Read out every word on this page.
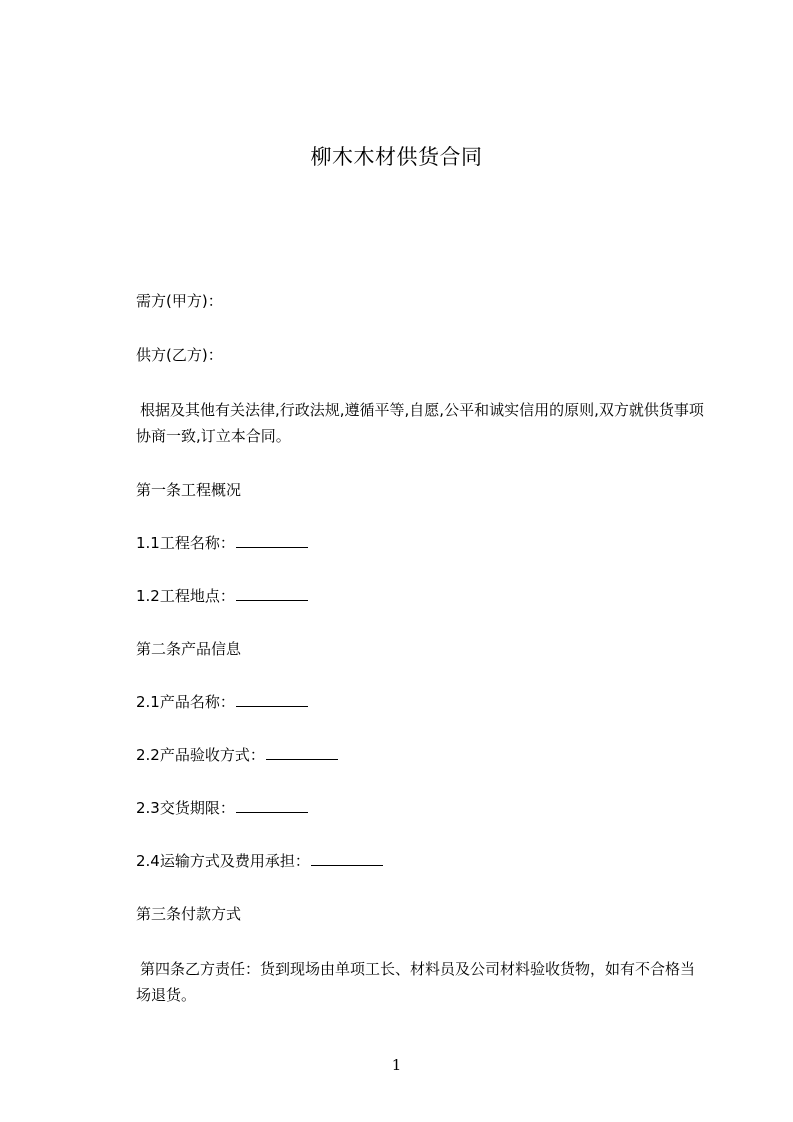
柳木木材供货合同
需方(甲方)：
供方(乙方)：
根据及其他有关法律,行政法规,遵循平等,自愿,公平和诚实信用的原则,双方就供货事项协商一致,订立本合同。
第一条工程概况
1.1工程名称：
1.2工程地点：
第二条产品信息
2.1产品名称：
2.2产品验收方式：
2.3交货期限：
2.4运输方式及费用承担：
第三条付款方式
第四条乙方责任：货到现场由单项工长、材料员及公司材料验收货物，如有不合格当场退货。
1
